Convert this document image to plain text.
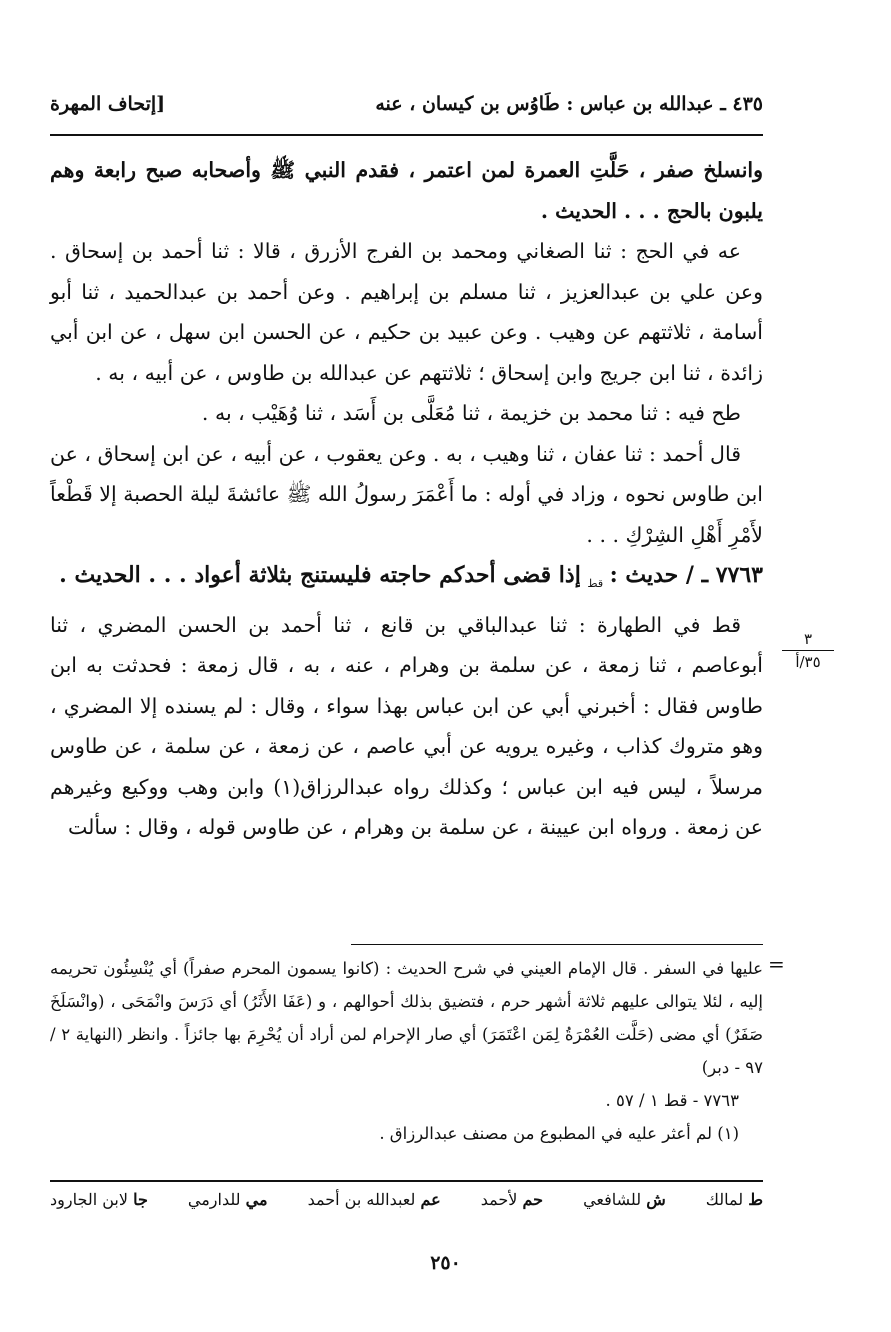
٤٣٥ ـ عبدالله بن عباس : طَاوُس بن كيسان ، عنه
[إتحاف المهرة

وانسلخ صفر ، حَلَّتِ العمرة لمن اعتمر ، فقدم النبي ﷺ وأصحابه صبح رابعة وهم يلبون بالحج . . . الحديث .

عه في الحج : ثنا الصغاني ومحمد بن الفرج الأزرق ، قالا : ثنا أحمد بن إسحاق . وعن علي بن عبدالعزيز ، ثنا مسلم بن إبراهيم . وعن أحمد بن عبدالحميد ، ثنا أبو أسامة ، ثلاثتهم عن وهيب . وعن عبيد بن حكيم ، عن الحسن ابن سهل ، عن ابن أبي زائدة ، ثنا ابن جريج وابن إسحاق ؛ ثلاثتهم عن عبدالله بن طاوس ، عن أبيه ، به .

طح فيه : ثنا محمد بن خزيمة ، ثنا مُعَلَّى بن أَسَد ، ثنا وُهَيْب ، به .

قال أحمد : ثنا عفان ، ثنا وهيب ، به . وعن يعقوب ، عن أبيه ، عن ابن إسحاق ، عن ابن طاوس نحوه ، وزاد في أوله : ما أَعْمَرَ رسولُ الله ﷺ عائشةَ ليلة الحصبة إلا قَطْعاً لأَمْرِ أَهْلِ الشِرْكِ . . .

٧٧٦٣ ـ / حديث : $_{قط}$ إذا قضى أحدكم حاجته فليستنج بثلاثة أعواد . . . الحديث .

قط في الطهارة : ثنا عبدالباقي بن قانع ، ثنا أحمد بن الحسن المضري ، ثنا أبوعاصم ، ثنا زمعة ، عن سلمة بن وهرام ، عنه ، به ، قال زمعة : فحدثت به ابن طاوس فقال : أخبرني أبي عن ابن عباس بهذا سواء ، وقال : لم يسنده إلا المضري ، وهو متروك كذاب ، وغيره يرويه عن أبي عاصم ، عن زمعة ، عن سلمة ، عن طاوس مرسلاً ، ليس فيه ابن عباس ؛ وكذلك رواه عبدالرزاق(١) وابن وهب ووكيع وغيرهم عن زمعة . ورواه ابن عيينة ، عن سلمة بن وهرام ، عن طاوس قوله ، وقال : سألت

٣
٣٥/أ
=

عليها في السفر . قال الإمام العيني في شرح الحديث : (كانوا يسمون المحرم صفراً) أي يُنْسِئُون تحريمه إليه ، لئلا يتوالى عليهم ثلاثة أشهر حرم ، فتضيق بذلك أحوالهم ، و (عَفَا الأَثَرُ) أي دَرَسَ وانْمَحَى ، (وانْسَلَخَ صَفَرٌ) أي مضى (حَلَّت العُمْرَةُ لِمَن اعْتَمَرَ) أي صار الإحرام لمن أراد أن يُحْرِمَ بها جائزاً . وانظر (النهاية ٢ / ٩٧ - دبر)

٧٧٦٣ - قط ١ / ٥٧ .

(١) لم أعثر عليه في المطبوع من مصنف عبدالرزاق .

ط لمالك
ش للشافعي
حم لأحمد
عم لعبدالله بن أحمد
مي للدارمي
جا لابن الجارود
٢٥٠
